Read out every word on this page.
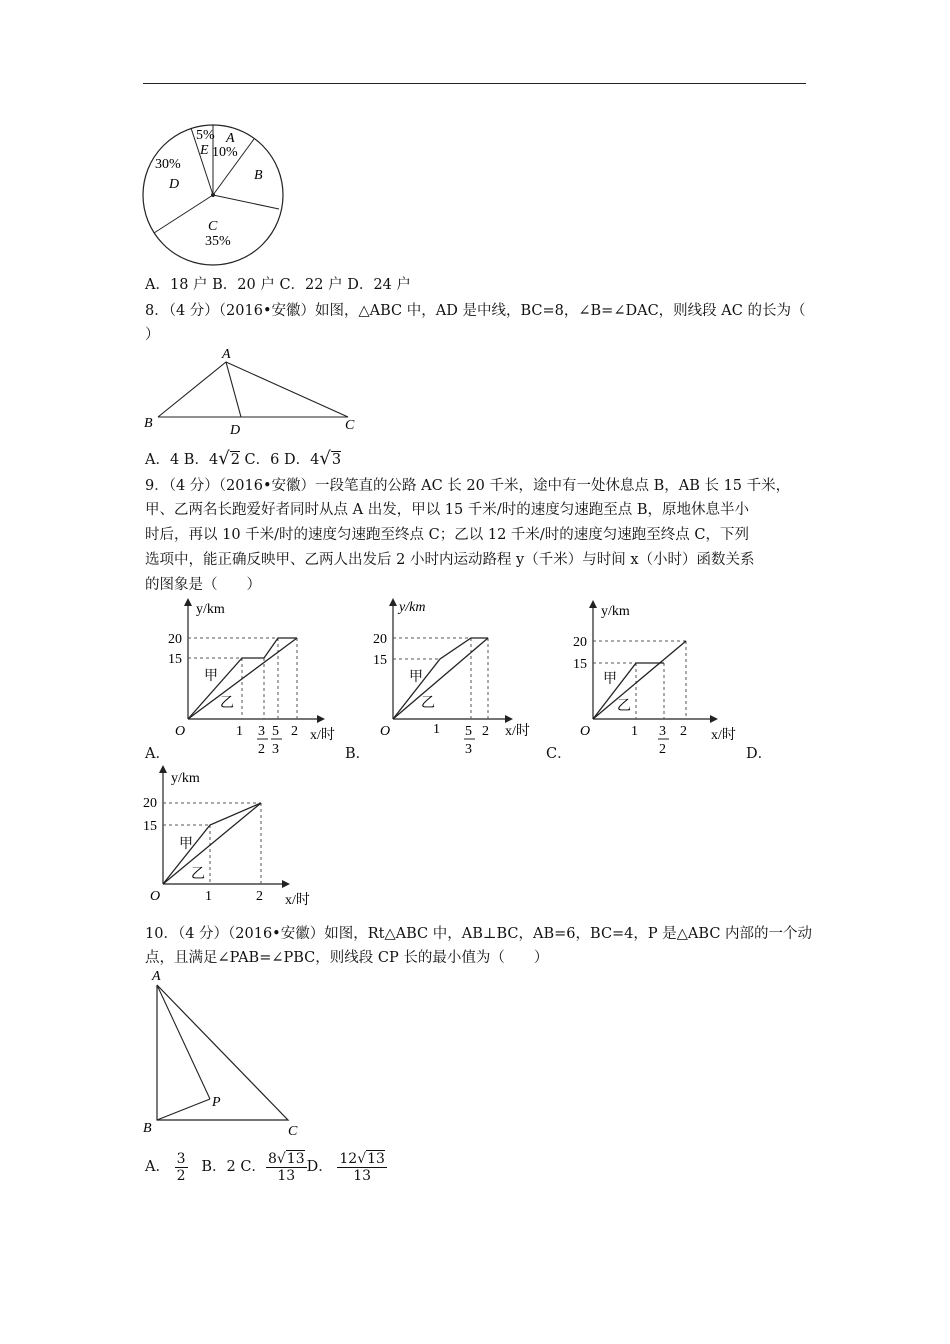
5% A
E 10%
B
30%
D
C
35%
A．18 户 B．20 户 C．22 户 D．24 户
8．（4 分）（2016•安徽）如图，△ABC 中，AD 是中线，BC=8，∠B=∠DAC，则线段 AC 的长为（
）
A
B	C
D
A．4 B．4√2 C．6 D．4√3
9．（4 分）（2016•安徽）一段笔直的公路 AC 长 20 千米，途中有一处休息点 B，AB 长 15 千米，
甲、乙两名长跑爱好者同时从点 A 出发，甲以 15 千米/时的速度匀速跑至点 B，原地休息半小
时后，再以 10 千米/时的速度匀速跑至终点 C；乙以 12 千米/时的速度匀速跑至终点 C，下列
选项中，能正确反映甲、乙两人出发后 2 小时内运动路程 y（千米）与时间 x（小时）函数关系
的图象是（　　）
y/km
20
15
甲
乙
O	1 3
2
5
3
2 x/时
A．
y/km
20
15
甲
乙
O	1 5
3
2 x/时
B．
y/km
20
15
甲
乙
O	1 3
2
2 x/时
C．	D．
y/km
20
15
甲
乙
O	1	2 x/时
10．（4 分）（2016•安徽）如图，Rt△ABC 中，AB⊥BC，AB=6，BC=4，P 是△ABC 内部的一个动
点，且满足∠PAB=∠PBC，则线段 CP 长的最小值为（　　）
A
B	C
P
A． $\frac{3}{2}$ B．2 C． $\frac{8√13}{13}$ D． $\frac{12√13}{13}$
